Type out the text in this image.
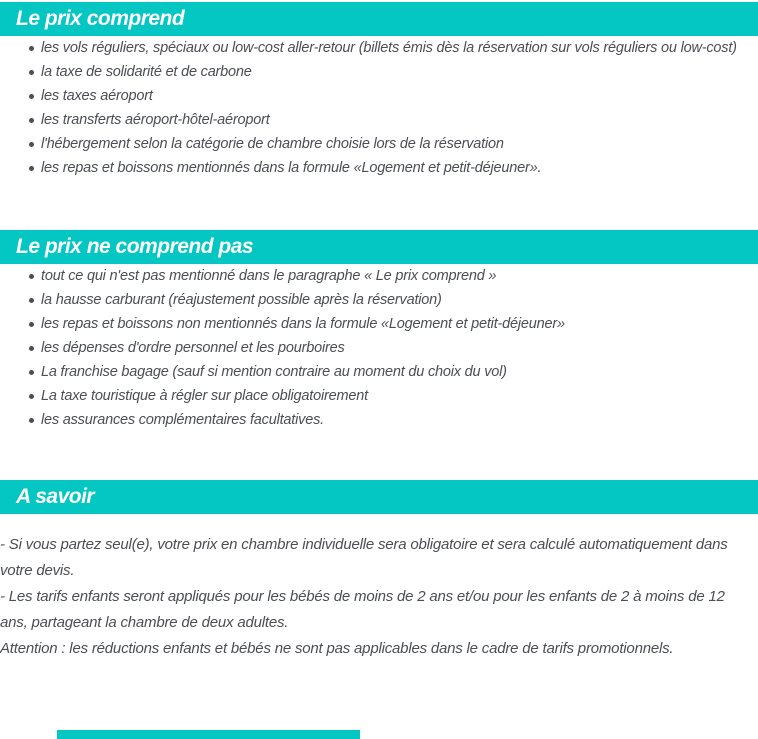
Le prix comprend
les vols réguliers, spéciaux ou low-cost aller-retour (billets émis dès la réservation sur vols réguliers ou low-cost)
la taxe de solidarité et de carbone
les taxes aéroport
les transferts aéroport-hôtel-aéroport
l'hébergement selon la catégorie de chambre choisie lors de la réservation
les repas et boissons mentionnés dans la formule «Logement et petit-déjeuner».
Le prix ne comprend pas
tout ce qui n'est pas mentionné dans le paragraphe « Le prix comprend »
la hausse carburant (réajustement possible après la réservation)
les repas et boissons non mentionnés dans la formule «Logement et petit-déjeuner»
les dépenses d'ordre personnel et les pourboires
La franchise bagage (sauf si mention contraire au moment du choix du vol)
La taxe touristique à régler sur place obligatoirement
les assurances complémentaires facultatives.
A savoir

- Si vous partez seul(e), votre prix en chambre individuelle sera obligatoire et sera calculé automatiquement dans votre devis.

- Les tarifs enfants seront appliqués pour les bébés de moins de 2 ans et/ou pour les enfants de 2 à moins de 12 ans, partageant la chambre de deux adultes.

Attention : les réductions enfants et bébés ne sont pas applicables dans le cadre de tarifs promotionnels.
